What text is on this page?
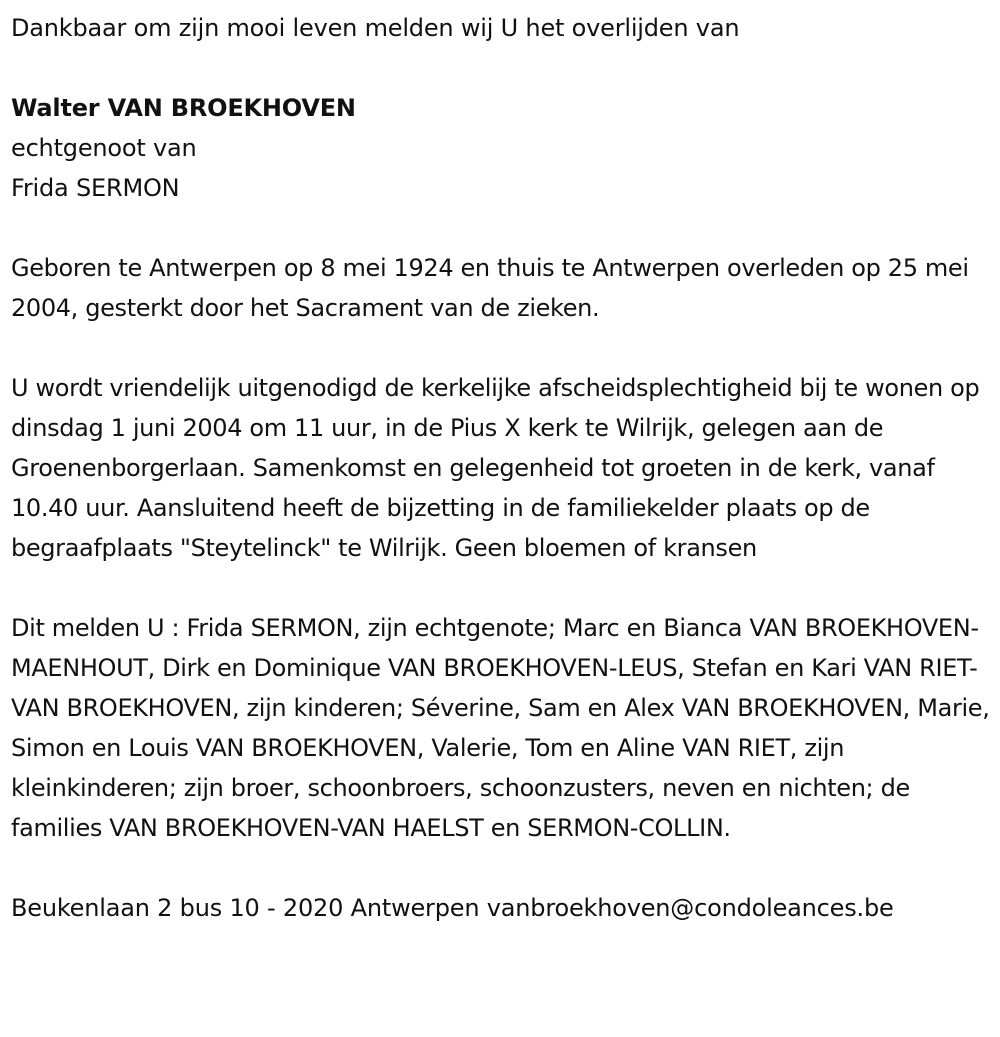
Dankbaar om zijn mooi leven melden wij U het overlijden van

Walter VAN BROEKHOVEN

echtgenoot van

Frida SERMON

Geboren te Antwerpen op 8 mei 1924 en thuis te Antwerpen overleden op 25 mei 2004, gesterkt door het Sacrament van de zieken.

U wordt vriendelijk uitgenodigd de kerkelijke afscheidsplechtigheid bij te wonen op dinsdag 1 juni 2004 om 11 uur, in de Pius X kerk te Wilrijk, gelegen aan de Groenenborgerlaan. Samenkomst en gelegenheid tot groeten in de kerk, vanaf 10.40 uur. Aansluitend heeft de bijzetting in de familiekelder plaats op de begraafplaats "Steytelinck" te Wilrijk. Geen bloemen of kransen

Dit melden U : Frida SERMON, zijn echtgenote; Marc en Bianca VAN BROEKHOVEN-MAENHOUT, Dirk en Dominique VAN BROEKHOVEN-LEUS, Stefan en Kari VAN RIET-VAN BROEKHOVEN, zijn kinderen; Séverine, Sam en Alex VAN BROEKHOVEN, Marie, Simon en Louis VAN BROEKHOVEN, Valerie, Tom en Aline VAN RIET, zijn kleinkinderen; zijn broer, schoonbroers, schoonzusters, neven en nichten; de families VAN BROEKHOVEN-VAN HAELST en SERMON-COLLIN.

Beukenlaan 2 bus 10 - 2020 Antwerpen vanbroekhoven@condoleances.be
